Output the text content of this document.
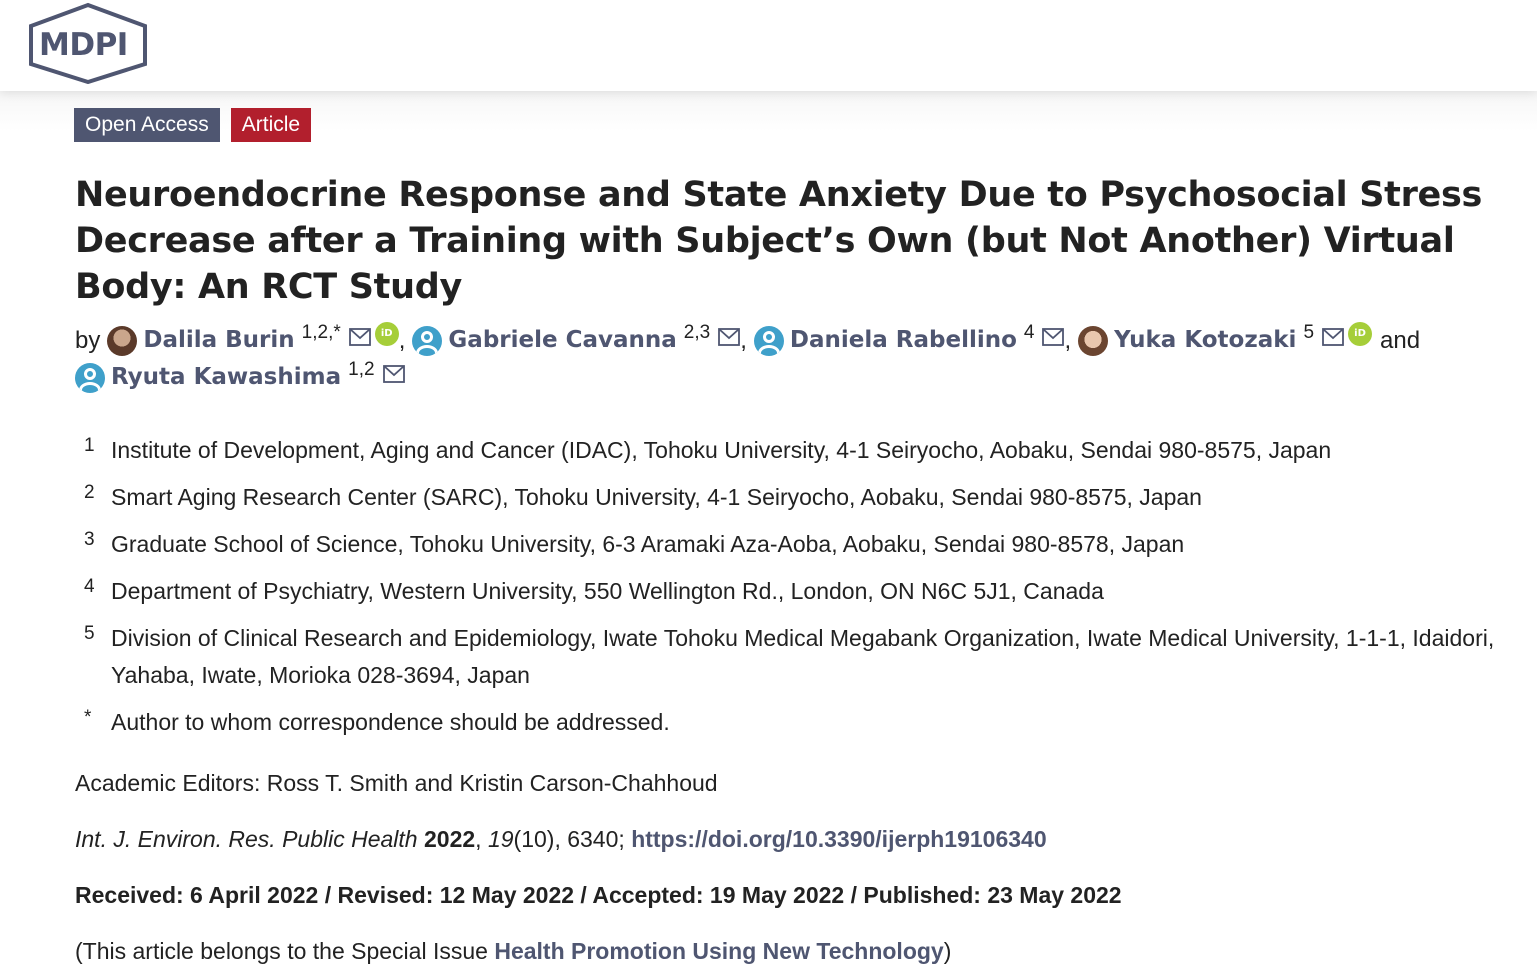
MDPI
Open Access	Article
Neuroendocrine Response and State Anxiety Due to Psychosocial Stress Decrease after a Training with Subject’s Own (but Not Another) Virtual Body: An RCT Study
by Dalila Burin 1,2,*	iD , Gabriele Cavanna 2,3 , Daniela Rabellino 4 , Yuka Kotozaki 5	iD and
Ryuta Kawashima 1,2
1 Institute of Development, Aging and Cancer (IDAC), Tohoku University, 4-1 Seiryocho, Aobaku, Sendai 980-8575, Japan
2 Smart Aging Research Center (SARC), Tohoku University, 4-1 Seiryocho, Aobaku, Sendai 980-8575, Japan
3 Graduate School of Science, Tohoku University, 6-3 Aramaki Aza-Aoba, Aobaku, Sendai 980-8578, Japan
4 Department of Psychiatry, Western University, 550 Wellington Rd., London, ON N6C 5J1, Canada
5 Division of Clinical Research and Epidemiology, Iwate Tohoku Medical Megabank Organization, Iwate Medical University, 1-1-1, Idaidori, Yahaba, Iwate, Morioka 028-3694, Japan
* Author to whom correspondence should be addressed.
Academic Editors: Ross T. Smith and Kristin Carson-Chahhoud
Int. J. Environ. Res. Public Health 2022, 19(10), 6340; https://doi.org/10.3390/ijerph19106340
Received: 6 April 2022 / Revised: 12 May 2022 / Accepted: 19 May 2022 / Published: 23 May 2022
(This article belongs to the Special Issue Health Promotion Using New Technology)
